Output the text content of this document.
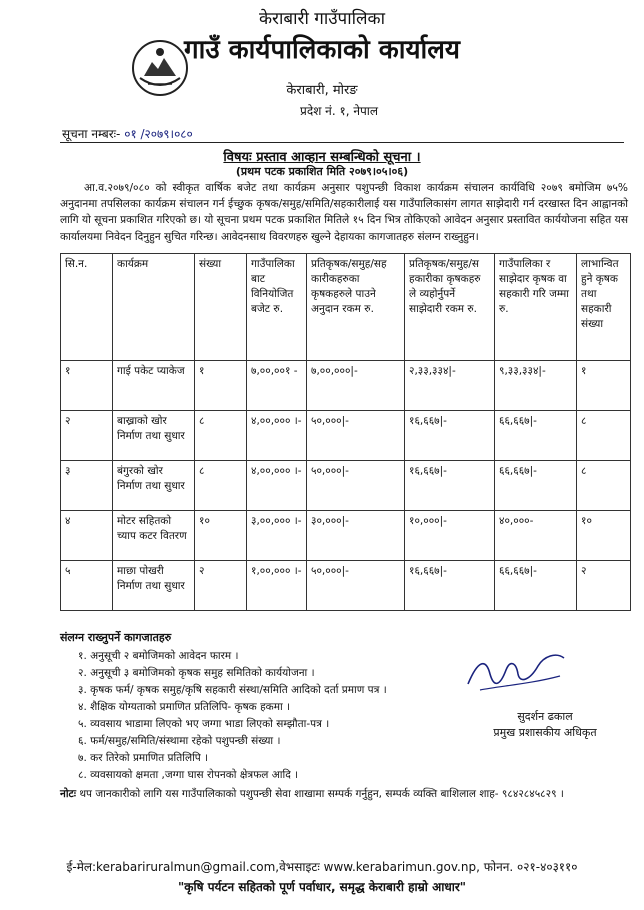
केराबारी गाउँपालिका
गाउँ कार्यपालिकाको कार्यालय
केराबारी, मोरङ
प्रदेश नं. १, नेपाल
सूचना नम्बरः- ०१ /२०७९।०८०
विषयः प्रस्ताव आव्हान सम्बन्धिको सूचना ।
(प्रथम पटक प्रकाशित मिति २०७९।०५।०६)

आ.व.२०७९/०८० को स्वीकृत वार्षिक बजेट तथा कार्यक्रम अनुसार पशुपन्छी विकाश कार्यक्रम संचालन कार्यविधि २०७९ बमोजिम ७५% अनुदानमा तपसिलका कार्यक्रम संचालन गर्न ईच्छुक कृषक/समुह/समिति/सहकारीलाई यस गाउँपालिकासंग लागत साझेदारी गर्न दरखास्त दिन आह्वानको लागि यो सूचना प्रकाशित गरिएको छ। यो सूचना प्रथम पटक प्रकाशित मितिले १५ दिन भित्र तोकिएको आवेदन अनुसार प्रस्तावित कार्ययोजना सहित यस कार्यालयमा निवेदन दिनुहुन सुचित गरिन्छ। आवेदनसाथ विवरणहरु खुल्ने देहायका कागजातहरु संलग्न राख्नुहुन।

सि.न.	कार्यक्रम	संख्या	गाउँपालिका बाट विनियोजित बजेट रु.	प्रतिकृषक/समुह/सह कारीकहरुका कृषकहरुले पाउने अनुदान रकम रु.	प्रतिकृषक/समुह/स हकारीका कृषकहरु ले व्यहोर्नुपर्ने साझेदारी रकम रु.	गाउँपालिका र साझेदार कृषक वा सहकारी गरि जम्मा रु.	लाभान्वित हुने कृषक तथा सहकारी संख्या
१	गाई पकेट प्याकेज	१	७,००,००१ -	७,००,०००|-	२,३३,३३४|-	९,३३,३३४|-	१
२	बाख्राको खोर निर्माण तथा सुधार	८	४,००,००० ।-	५०,०००|-	१६,६६७|-	६६,६६७|-	८
३	बंगुरको खोर निर्माण तथा सुधार	८	४,००,००० ।-	५०,०००|-	१६,६६७|-	६६,६६७|-	८
४	मोटर सहितको च्याप कटर वितरण	१०	३,००,००० ।-	३०,०००|-	१०,०००|-	४०,०००-	१०
५	माछा पोखरी निर्माण तथा सुधार	२	१,००,००० ।-	५०,०००|-	१६,६६७|-	६६,६६७|-	२
संलग्न राख्नुपर्ने कागजातहरु
१. अनुसूची २ बमोजिमको आवेदन फारम ।
२. अनुसूची ३ बमोजिमको कृषक समुह समितिको कार्ययोजना ।
३. कृषक फर्म/ कृषक समुह/कृषि सहकारी संस्था/समिति आदिको दर्ता प्रमाण पत्र ।
४. शैक्षिक योग्यताको प्रमाणित प्रतिलिपि- कृषक हकमा ।
५. व्यवसाय भाडामा लिएको भए जग्गा भाडा लिएको सम्झौता-पत्र ।
६. फर्म/समुह/समिति/संस्थामा रहेको पशुपन्छी संख्या ।
७. कर तिरेको प्रमाणित प्रतिलिपि ।
८. व्यवसायको क्षमता ,जग्गा घास रोपनको क्षेत्रफल आदि ।
सुदर्शन ढकाल
प्रमुख प्रशासकीय अधिकृत
नोटः थप जानकारीको लागि यस गाउँपालिकाको पशुपन्छी सेवा शाखामा सम्पर्क गर्नुहुन, सम्पर्क व्यक्ति बाशिलाल शाह- ९८४२८४५८२९ ।
ई-मेल:kerabariruralmun@gmail.com,वेभसाइटः www.kerabarimun.gov.np, फोनन. ०२१-४०३११०
"कृषि पर्यटन सहितको पूर्ण पर्वाधार, समृद्ध केराबारी हाम्रो आधार"
